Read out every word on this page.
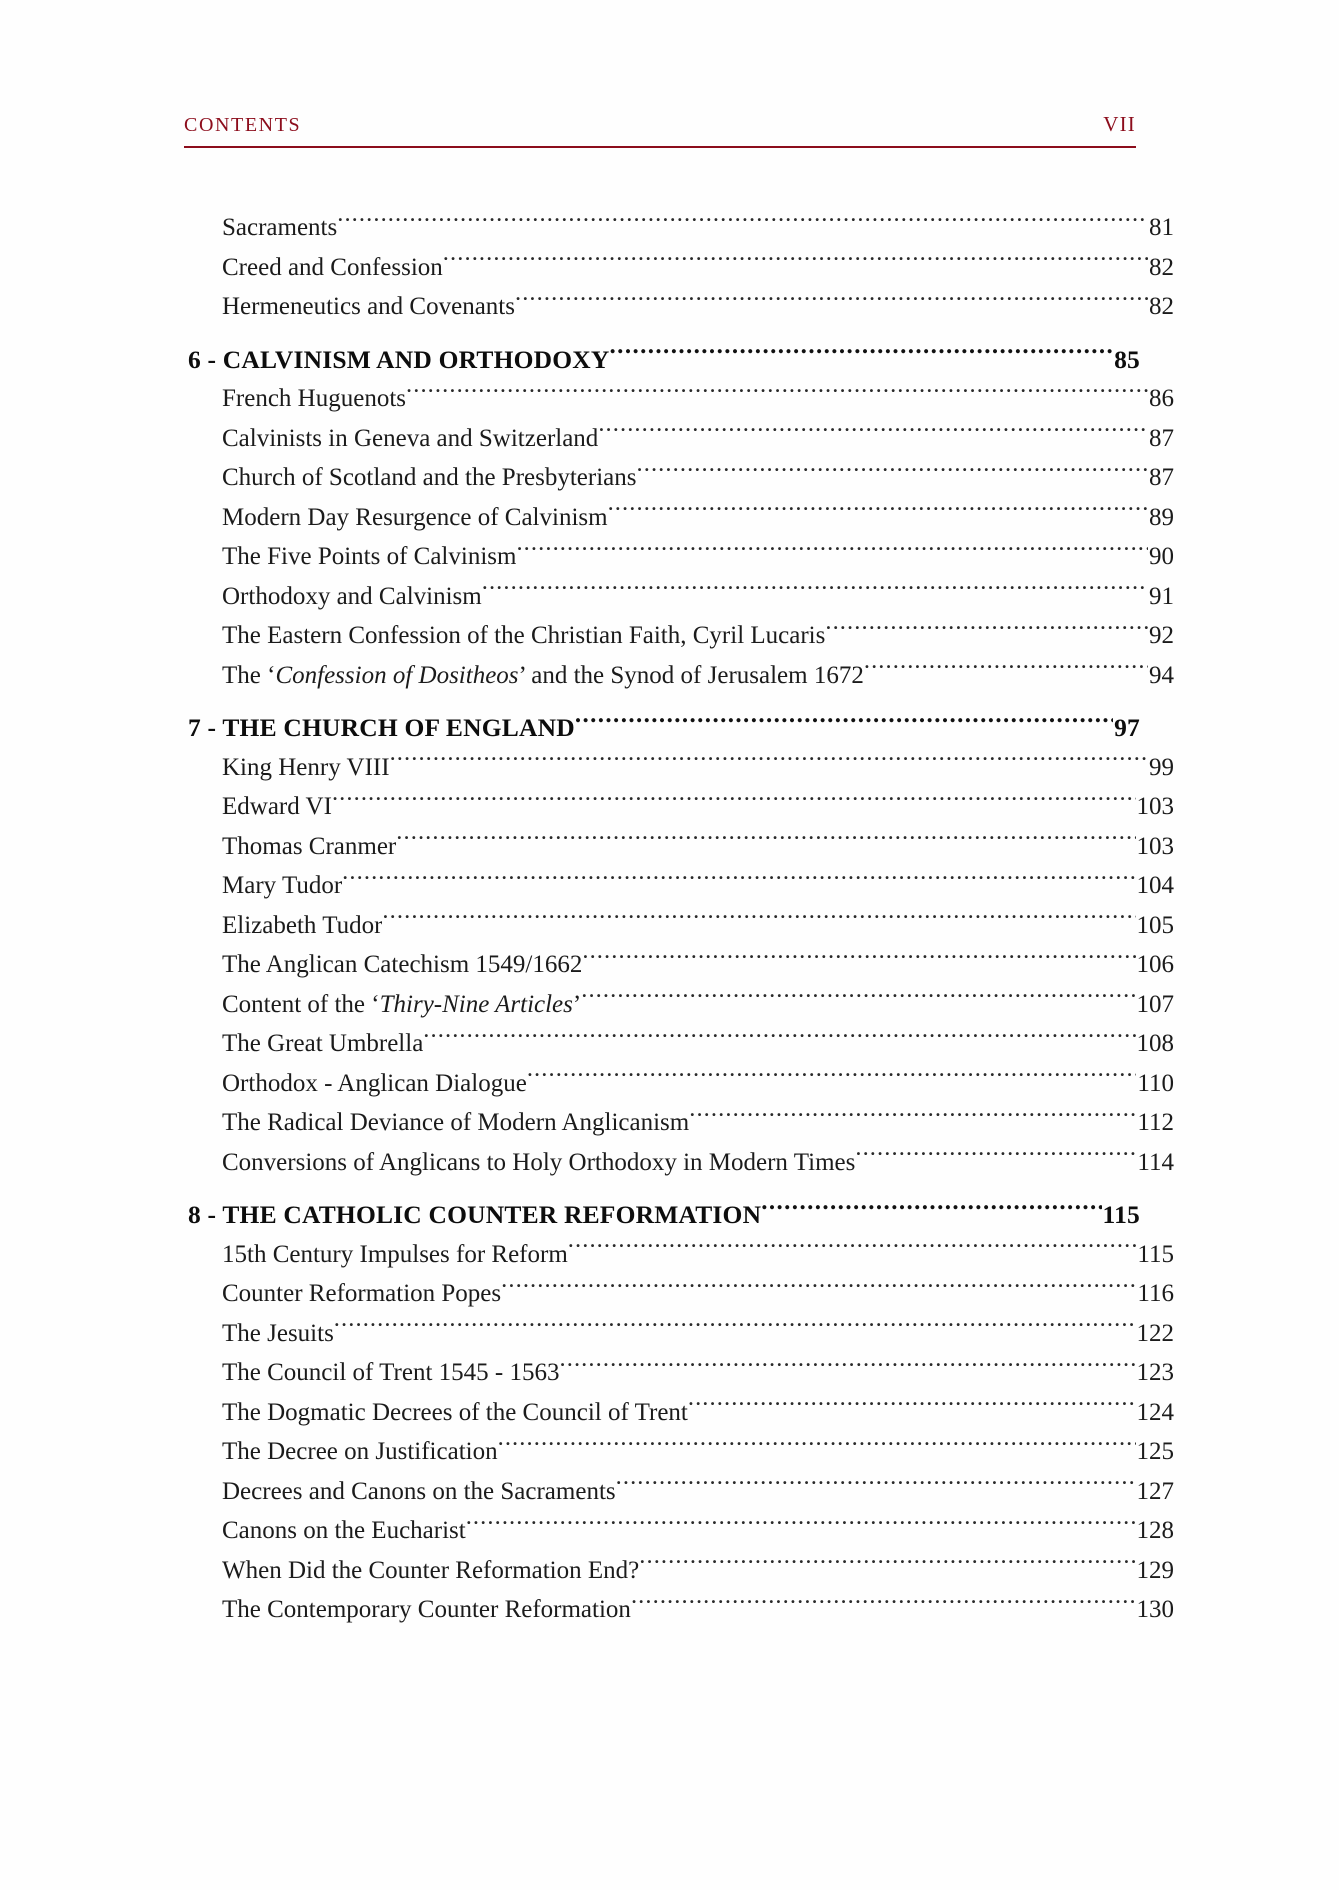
CONTENTS	VII
Sacraments .....	81
Creed and Confession .....	82
Hermeneutics and Covenants .....	82
6 - CALVINISM AND ORTHODOXY .....	85
French Huguenots .....	86
Calvinists in Geneva and Switzerland .....	87
Church of Scotland and the Presbyterians .....	87
Modern Day Resurgence of Calvinism .....	89
The Five Points of Calvinism .....	90
Orthodoxy and Calvinism .....	91
The Eastern Confession of the Christian Faith, Cyril Lucaris .....	92
The ‘Confession of Dositheos’ and the Synod of Jerusalem 1672 .....	94
7 - THE CHURCH OF ENGLAND .....	97
King Henry VIII .....	99
Edward VI .....	103
Thomas Cranmer .....	103
Mary Tudor .....	104
Elizabeth Tudor .....	105
The Anglican Catechism 1549/1662 .....	106
Content of the ‘Thiry-Nine Articles’ .....	107
The Great Umbrella .....	108
Orthodox - Anglican Dialogue .....	110
The Radical Deviance of Modern Anglicanism .....	112
Conversions of Anglicans to Holy Orthodoxy in Modern Times .....	114
8 - THE CATHOLIC COUNTER REFORMATION .....	115
15th Century Impulses for Reform .....	115
Counter Reformation Popes .....	116
The Jesuits .....	122
The Council of Trent 1545 - 1563 .....	123
The Dogmatic Decrees of the Council of Trent .....	124
The Decree on Justification .....	125
Decrees and Canons on the Sacraments .....	127
Canons on the Eucharist .....	128
When Did the Counter Reformation End? .....	129
The Contemporary Counter Reformation .....	130
